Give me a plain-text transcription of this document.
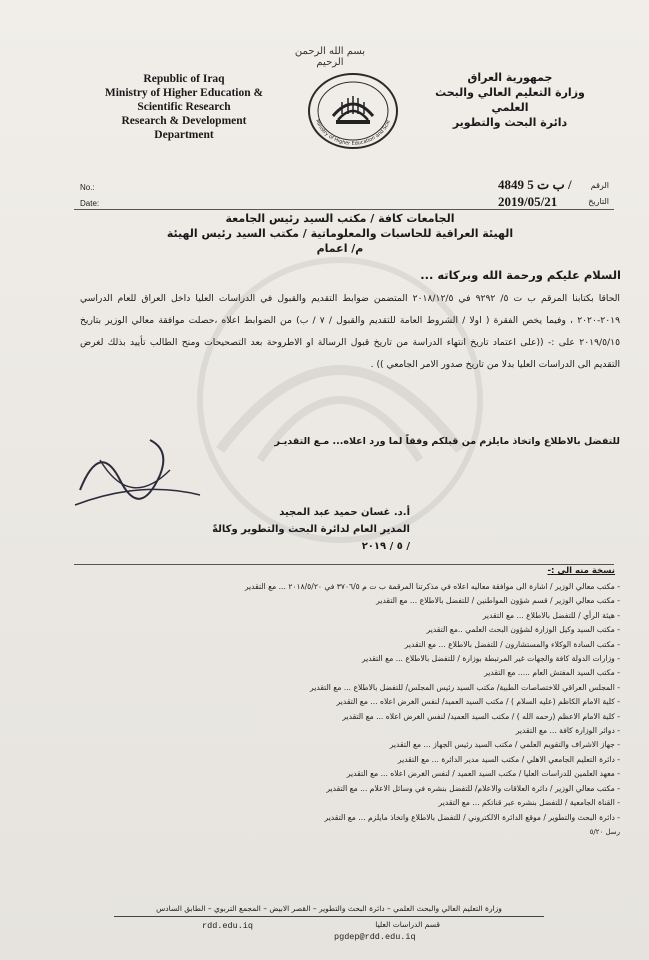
بسم الله الرحمن الرحيم
Republic of Iraq
Ministry of Higher Education &
Scientific Research
Research & Development
Department
Ministry of Higher Education and Scie
جمهورية العراق
وزارة التعليم العالي والبحث العلمي
دائرة البحث والتطوير
No.:
Date:
الرقم
التاريخ
4849 ب ت 5 /
2019/05/21
الجامعات كافة / مكتب السيد رئيس الجامعة
الهيئة العراقية للحاسبات والمعلوماتية / مكتب السيد رئيس الهيئة
م/ اعمام
السلام عليكم ورحمة الله وبركاته ...
الحاقا بكتابنا المرقم ب ت ٥/ ٩٢٩٢ في ٢٠١٨/١٢/٥ المتضمن ضوابط التقديم والقبول في الدراسات العليا داخل العراق للعام الدراسي ٢٠١٩-٢٠٢٠ ، وفيما يخص الفقرة ( اولا / الشروط العامة للتقديم والقبول / ٧ / ب) من الضوابط اعلاه ،حصلت موافقة معالي الوزير بتاريخ ٢٠١٩/٥/١٥ على :- ((على اعتماد تاريخ انتهاء الدراسة من تاريخ قبول الرسالة او الاطروحة بعد التصحيحات ومنح الطالب تأييد بذلك لغرض التقديم الى الدراسات العليا بدلا من تاريخ صدور الامر الجامعي )) .
للتفضل بالاطلاع واتخاذ مايلزم من قبلكم وفقاً لما ورد اعلاه... مـع التقديـر
أ.د. غسان حميد عبد المجيد
المدير العام لدائرة البحث والتطوير وكالةً
/ ٥ / ٢٠١٩
نسخة منه الى :-
- مكتب معالي الوزير / اشارة الى موافقة معاليه اعلاه في مذكرتنا المرقمة ب ت م ٣٧٠٦/٥ في ٢٠١٨/٥/٢٠ ... مع التقدير
- مكتب معالي الوزير / قسم شؤون المواطنين / للتفضل بالاطلاع ... مع التقدير
- هيئة الرأي / للتفضل بالاطلاع ... مع التقدير
- مكتب السيد وكيل الوزارة لشؤون البحث العلمي ..مع التقدير
- مكتب السادة الوكلاء والمستشارون / للتفضل بالاطلاع ... مع التقدير
- وزارات الدولة كافة والجهات غير المرتبطة بوزارة / للتفضل بالاطلاع ... مع التقدير
- مكتب السيد المفتش العام ..... مع التقدير
- المجلس العراقي للاختصاصات الطبية/ مكتب السيد رئيس المجلس/ للتفضل بالاطلاع ... مع التقدير
- كلية الامام الكاظم (عليه السلام ) / مكتب السيد العميد/ لنفس الغرض اعلاه ... مع التقدير
- كلية الامام الاعظم (رحمه الله ) / مكتب السيد العميد/ لنفس الغرض اعلاه ... مع التقدير
- دوائر الوزارة كافة ... مع التقدير
- جهاز الاشراف والتقويم العلمي / مكتب السيد رئيس الجهاز ... مع التقدير
- دائرة التعليم الجامعي الاهلي / مكتب السيد مدير الدائرة ... مع التقدير
- معهد العلمين للدراسات العليا / مكتب السيد العميد / لنفس الغرض اعلاه ... مع التقدير
- مكتب معالي الوزير / دائرة العلاقات والاعلام/ للتفضل بنشره في وسائل الاعلام ... مع التقدير
- القناة الجامعية / للتفضل بنشره عبر قناتكم ... مع التقدير
- دائرة البحث والتطوير / موقع الدائرة الالكتروني / للتفضل بالاطلاع واتخاذ مايلزم ... مع التقدير
رسل ٥/٢٠
وزارة التعليم العالي والبحث العلمي – دائرة البحث والتطوير – القصر الابيض – المجمع التربوي – الطابق السادس
قسم الدراسات العليا
rdd.edu.iq
pgdep@rdd.edu.iq
